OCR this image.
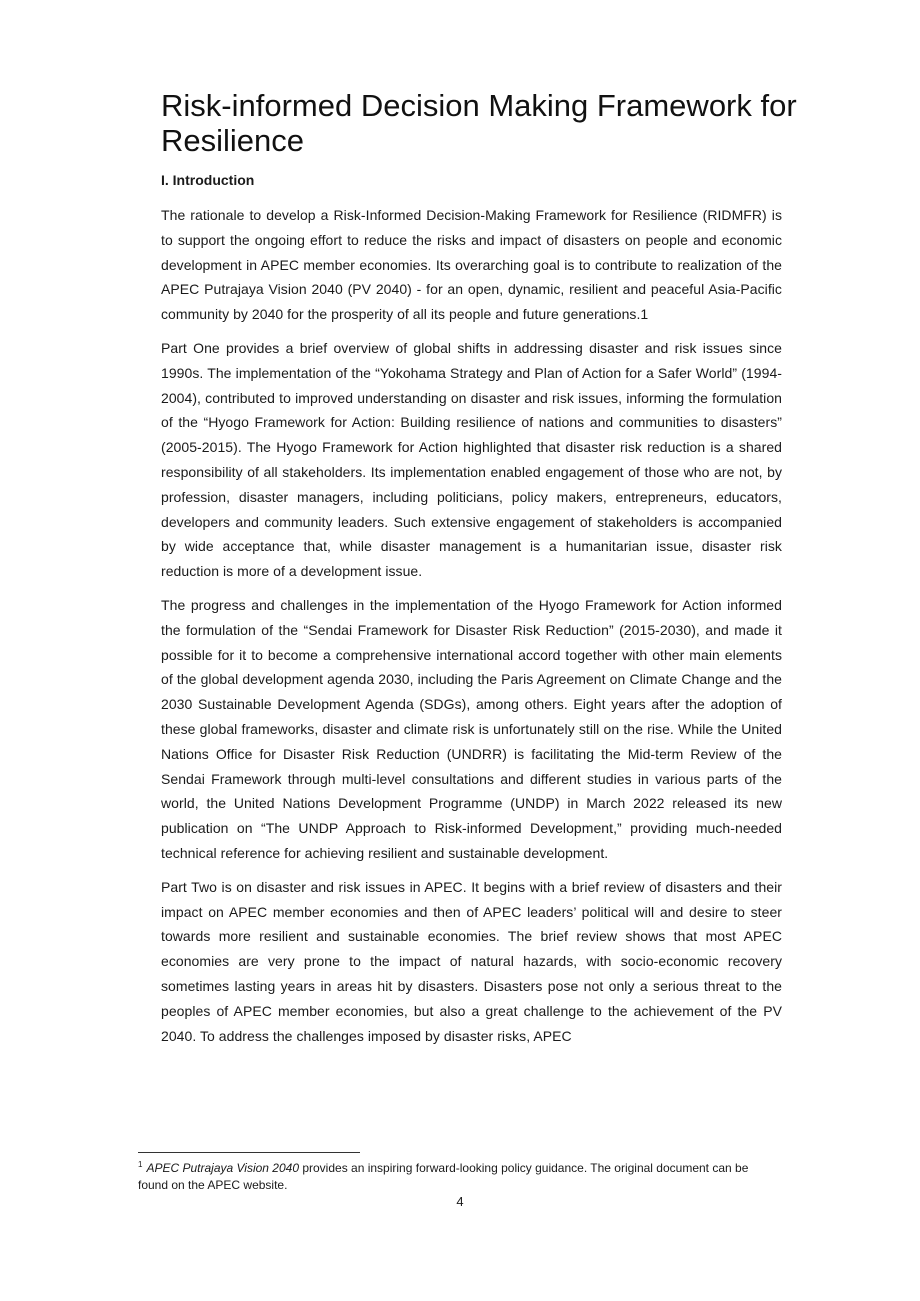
Risk-informed Decision Making Framework for Resilience
I. Introduction

The rationale to develop a Risk-Informed Decision-Making Framework for Resilience (RIDMFR) is to support the ongoing effort to reduce the risks and impact of disasters on people and economic development in APEC member economies. Its overarching goal is to contribute to realization of the APEC Putrajaya Vision 2040 (PV 2040) - for an open, dynamic, resilient and peaceful Asia-Pacific community by 2040 for the prosperity of all its people and future generations.1

Part One provides a brief overview of global shifts in addressing disaster and risk issues since 1990s. The implementation of the “Yokohama Strategy and Plan of Action for a Safer World” (1994-2004), contributed to improved understanding on disaster and risk issues, informing the formulation of the “Hyogo Framework for Action: Building resilience of nations and communities to disasters” (2005-2015). The Hyogo Framework for Action highlighted that disaster risk reduction is a shared responsibility of all stakeholders. Its implementation enabled engagement of those who are not, by profession, disaster managers, including politicians, policy makers, entrepreneurs, educators, developers and community leaders. Such extensive engagement of stakeholders is accompanied by wide acceptance that, while disaster management is a humanitarian issue, disaster risk reduction is more of a development issue.

The progress and challenges in the implementation of the Hyogo Framework for Action informed the formulation of the “Sendai Framework for Disaster Risk Reduction” (2015-2030), and made it possible for it to become a comprehensive international accord together with other main elements of the global development agenda 2030, including the Paris Agreement on Climate Change and the 2030 Sustainable Development Agenda (SDGs), among others. Eight years after the adoption of these global frameworks, disaster and climate risk is unfortunately still on the rise. While the United Nations Office for Disaster Risk Reduction (UNDRR) is facilitating the Mid-term Review of the Sendai Framework through multi-level consultations and different studies in various parts of the world, the United Nations Development Programme (UNDP) in March 2022 released its new publication on “The UNDP Approach to Risk-informed Development,” providing much-needed technical reference for achieving resilient and sustainable development.

Part Two is on disaster and risk issues in APEC. It begins with a brief review of disasters and their impact on APEC member economies and then of APEC leaders’ political will and desire to steer towards more resilient and sustainable economies. The brief review shows that most APEC economies are very prone to the impact of natural hazards, with socio-economic recovery sometimes lasting years in areas hit by disasters. Disasters pose not only a serious threat to the peoples of APEC member economies, but also a great challenge to the achievement of the PV 2040. To address the challenges imposed by disaster risks, APEC

$^1$ APEC Putrajaya Vision 2040 provides an inspiring forward-looking policy guidance. The original document can be found on the APEC website.

4
